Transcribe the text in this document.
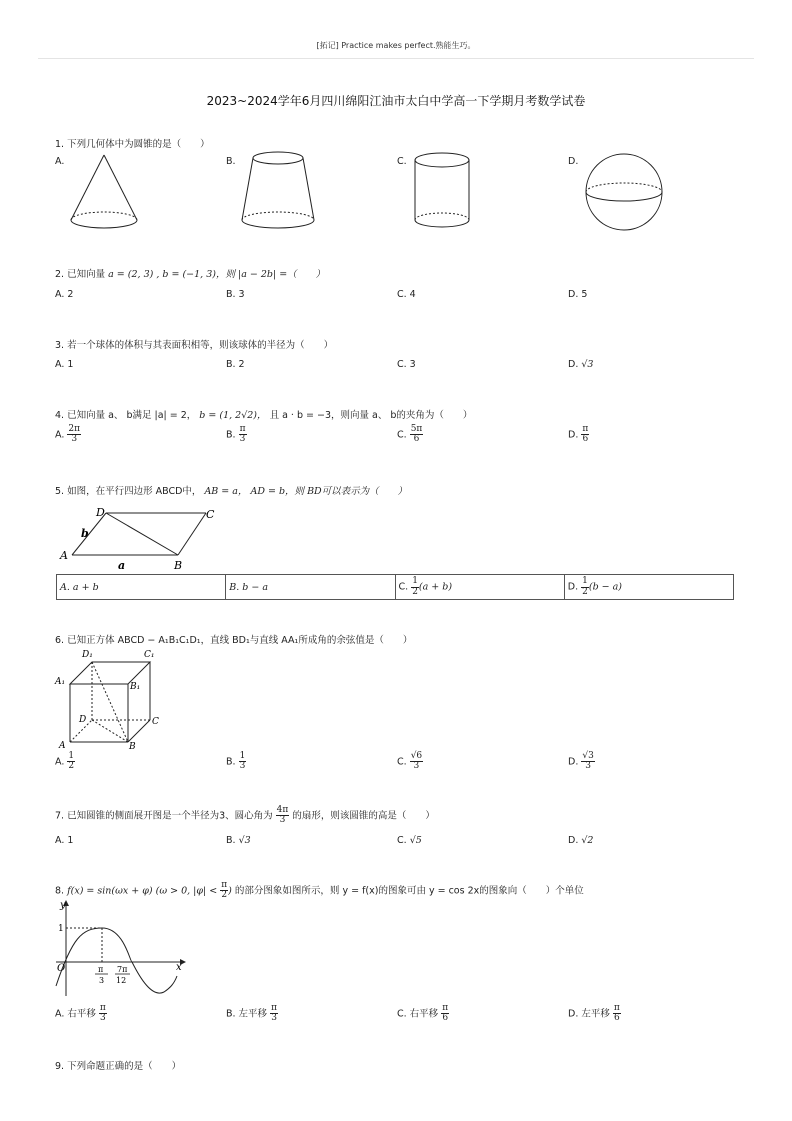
[拓记] Practice makes perfect.熟能生巧。
2023~2024学年6月四川绵阳江油市太白中学高一下学期月考数学试卷
1. 下列几何体中为圆锥的是（　　）
A.	B.	C.	D.
2. 已知向量 a = (2, 3) , b = (−1, 3)，则 |a − 2b| =（　　）
A. 2	B. 3	C. 4	D. 5
3. 若一个球体的体积与其表面积相等，则该球体的半径为（　　）
A. 1	B. 2	C. 3	D. √3
4. 已知向量 a、 b满足 |a| = 2， b = (1, 2√2)， 且 a · b = −3，则向量 a、 b的夹角为（　　）
A. $\frac{2\pi}{3}$	B. $\frac{\pi}{3}$	C. $\frac{5\pi}{6}$	D. $\frac{\pi}{6}$
5. 如图，在平行四边形 ABCD中， AB = a， AD = b，则 BD可以表示为（　　）
A
B
C
D
a
b
A. a + b	B. b − a	C. $\frac{1}{2} (a + b)$	D. $\frac{1}{2} (b - a)$
6. 已知正方体 ABCD − A₁B₁C₁D₁，直线 BD₁与直线 AA₁所成角的余弦值是（　　）
D₁	C₁
A₁	B₁
D	C
A	B
A. $\frac{1}{2}$	B. $\frac{1}{3}$	C. $\frac{√6}{3}$	D. $\frac{√3}{3}$
7. 已知圆锥的侧面展开图是一个半径为3、圆心角为 $\frac{4\pi}{3}$ 的扇形，则该圆锥的高是（　　）
A. 1	B. √3	C. √5	D. √2
8. f(x) = sin(ωx + φ) (ω > 0, $|\varphi| < \frac{\pi}{2}$ ) 的部分图象如图所示，则 y = f(x)的图象可由 y = cos 2x的图象向（　　）个单位
y
x
O
1
π
3
7π
12
A. 右平移 $\frac{\pi}{3}$	B. 左平移 $\frac{\pi}{3}$	C. 右平移 $\frac{\pi}{6}$	D. 左平移 $\frac{\pi}{6}$
9. 下列命题正确的是（　　）
